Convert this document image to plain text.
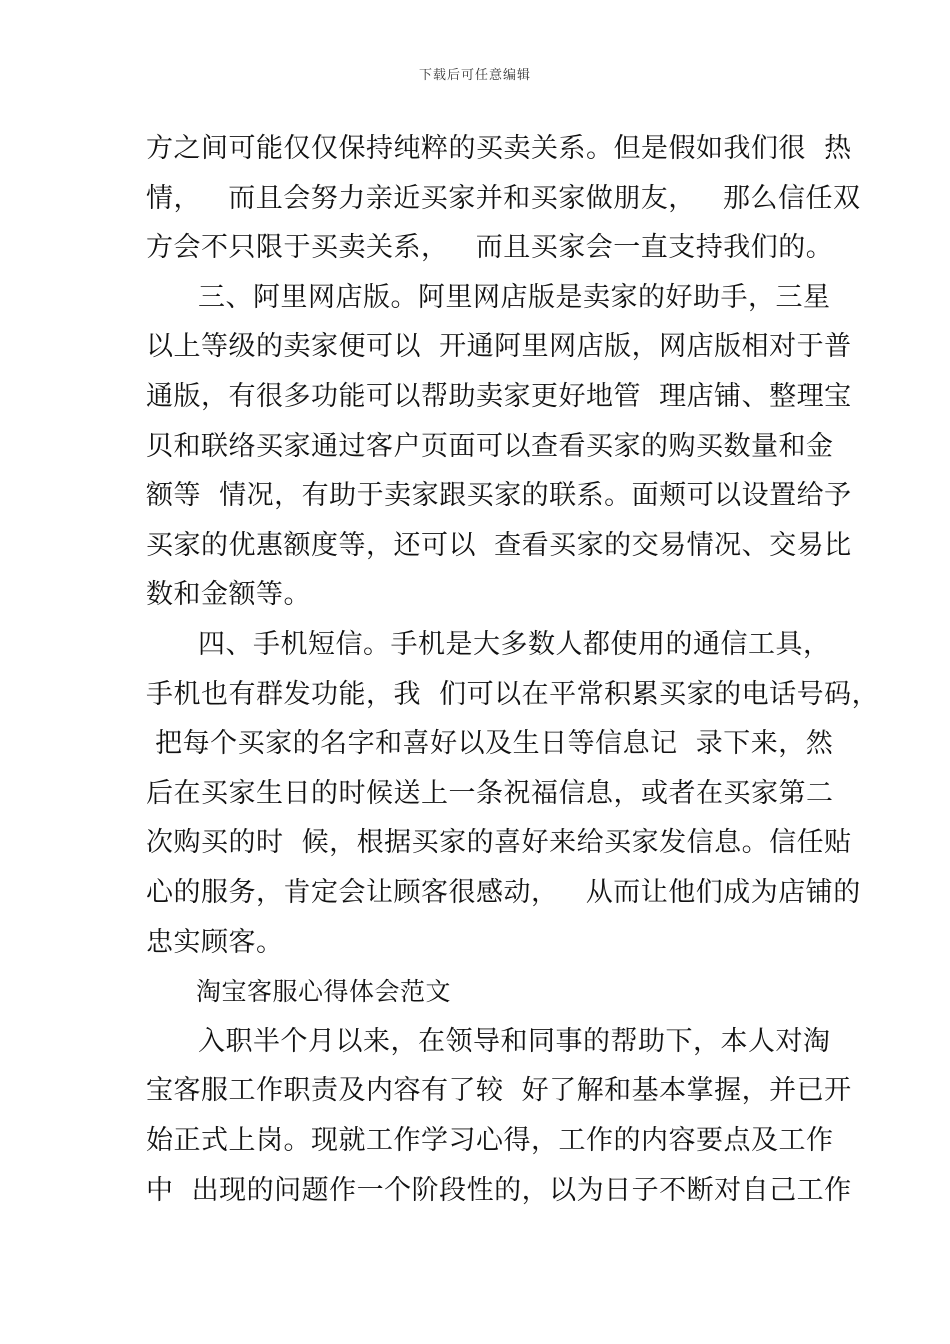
下载后可任意编辑
方之间可能仅仅保持纯粹的买卖关系。但是假如我们很  热
情，   而且会努力亲近买家并和买家做朋友，   那么信任双
方会不只限于买卖关系，   而且买家会一直支持我们的。
三、阿里网店版。阿里网店版是卖家的好助手，三星
以上等级的卖家便可以  开通阿里网店版，网店版相对于普
通版，有很多功能可以帮助卖家更好地管  理店铺、整理宝
贝和联络买家通过客户页面可以查看买家的购买数量和金
额等  情况，有助于卖家跟买家的联系。面颊可以设置给予
买家的优惠额度等，还可以  查看买家的交易情况、交易比
数和金额等。
四、手机短信。手机是大多数人都使用的通信工具，
手机也有群发功能，我  们可以在平常积累买家的电话号码，
把每个买家的名字和喜好以及生日等信息记  录下来，然
后在买家生日的时候送上一条祝福信息，或者在买家第二
次购买的时  候，根据买家的喜好来给买家发信息。信任贴
心的服务，肯定会让顾客很感动，   从而让他们成为店铺的
忠实顾客。
淘宝客服心得体会范文
入职半个月以来，在领导和同事的帮助下，本人对淘
宝客服工作职责及内容有了较  好了解和基本掌握，并已开
始正式上岗。现就工作学习心得，工作的内容要点及工作
中  出现的问题作一个阶段性的，以为日子不断对自己工作
